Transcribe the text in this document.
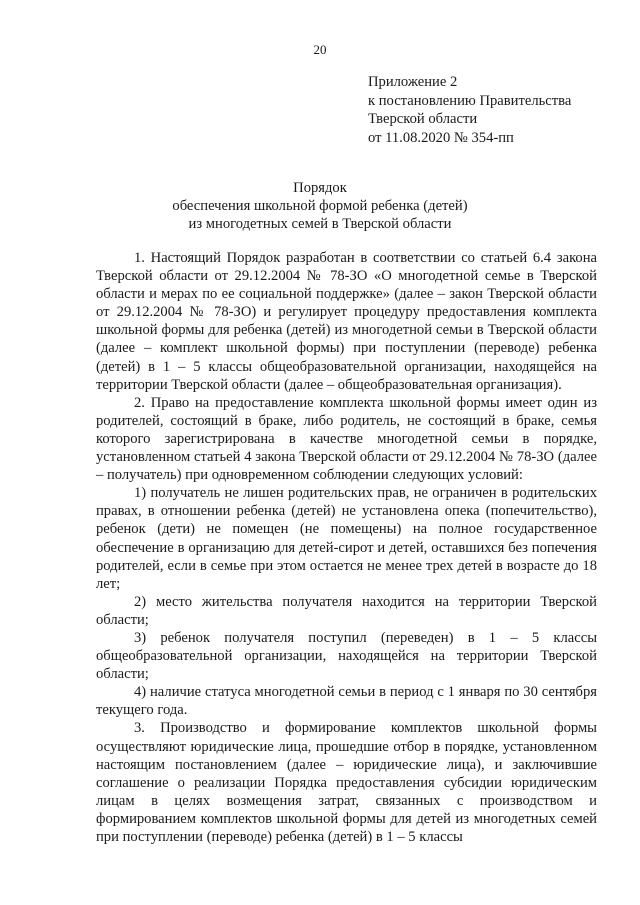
20
Приложение 2
к постановлению Правительства
Тверской области
от 11.08.2020 № 354-пп
Порядок
обеспечения школьной формой ребенка (детей)
из многодетных семей в Тверской области

1. Настоящий Порядок разработан в соответствии со статьей 6.4 закона Тверской области от 29.12.2004 № 78-ЗО «О многодетной семье в Тверской области и мерах по ее социальной поддержке» (далее – закон Тверской области от 29.12.2004 № 78-ЗО) и регулирует процедуру предоставления комплекта школьной формы для ребенка (детей) из многодетной семьи в Тверской области (далее – комплект школьной формы) при поступлении (переводе) ребенка (детей) в 1 – 5 классы общеобразовательной организации, находящейся на территории Тверской области (далее – общеобразовательная организация).

2. Право на предоставление комплекта школьной формы имеет один из родителей, состоящий в браке, либо родитель, не состоящий в браке, семья которого зарегистрирована в качестве многодетной семьи в порядке, установленном статьей 4 закона Тверской области от 29.12.2004 № 78-ЗО (далее – получатель) при одновременном соблюдении следующих условий:

1) получатель не лишен родительских прав, не ограничен в родительских правах, в отношении ребенка (детей) не установлена опека (попечительство), ребенок (дети) не помещен (не помещены) на полное государственное обеспечение в организацию для детей-сирот и детей, оставшихся без попечения родителей, если в семье при этом остается не менее трех детей в возрасте до 18 лет;

2) место жительства получателя находится на территории Тверской области;

3) ребенок получателя поступил (переведен) в 1 – 5 классы общеобразовательной организации, находящейся на территории Тверской области;

4) наличие статуса многодетной семьи в период с 1 января по 30 сентября текущего года.

3. Производство и формирование комплектов школьной формы осуществляют юридические лица, прошедшие отбор в порядке, установленном настоящим постановлением (далее – юридические лица), и заключившие соглашение о реализации Порядка предоставления субсидии юридическим лицам в целях возмещения затрат, связанных с производством и формированием комплектов школьной формы для детей из многодетных семей при поступлении (переводе) ребенка (детей) в 1 – 5 классы
